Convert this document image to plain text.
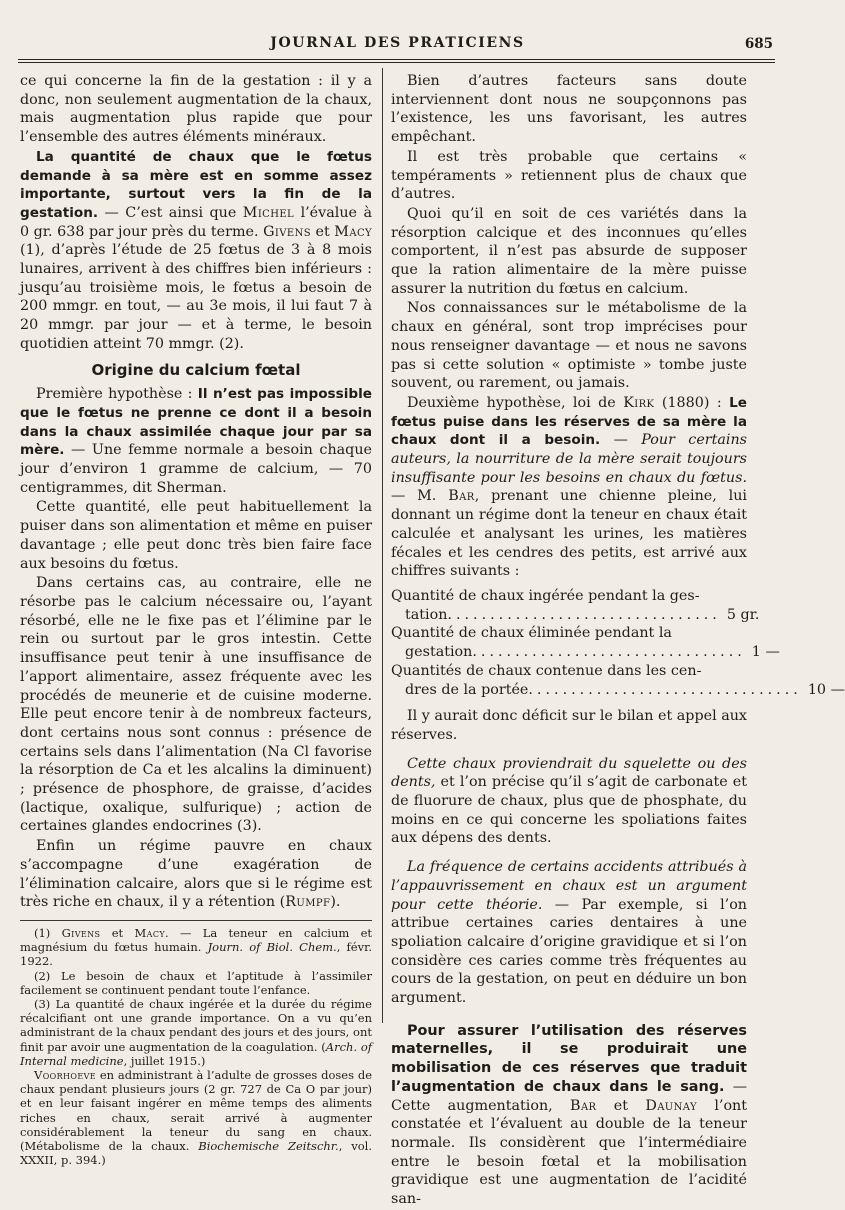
JOURNAL DES PRATICIENS	685

ce qui concerne la fin de la gestation : il y a donc, non seulement augmentation de la chaux, mais augmentation plus rapide que pour l’ensemble des autres éléments minéraux.

La quantité de chaux que le fœtus demande à sa mère est en somme assez importante, surtout vers la fin de la gestation. — C’est ainsi que Michel l’évalue à 0 gr. 638 par jour près du terme. Givens et Macy (1), d’après l’étude de 25 fœtus de 3 à 8 mois lunaires, arrivent à des chiffres bien inférieurs : jusqu’au troisième mois, le fœtus a besoin de 200 mmgr. en tout, — au 3e mois, il lui faut 7 à 20 mmgr. par jour — et à terme, le besoin quotidien atteint 70 mmgr. (2).

Origine du calcium fœtal

Première hypothèse : Il n’est pas impossible que le fœtus ne prenne ce dont il a besoin dans la chaux assimilée chaque jour par sa mère. — Une femme normale a besoin chaque jour d’environ 1 gramme de calcium, — 70 centigrammes, dit Sherman.

Cette quantité, elle peut habituellement la puiser dans son alimentation et même en puiser davantage ; elle peut donc très bien faire face aux besoins du fœtus.

Dans certains cas, au contraire, elle ne résorbe pas le calcium nécessaire ou, l’ayant résorbé, elle ne le fixe pas et l’élimine par le rein ou surtout par le gros intestin. Cette insuffisance peut tenir à une insuffisance de l’apport alimentaire, assez fréquente avec les procédés de meunerie et de cuisine moderne. Elle peut encore tenir à de nombreux facteurs, dont certains nous sont connus : présence de certains sels dans l’alimentation (Na Cl favorise la résorption de Ca et les alcalins la diminuent) ; présence de phosphore, de graisse, d’acides (lactique, oxalique, sulfurique) ; action de certaines glandes endocrines (3).

Enfin un régime pauvre en chaux s’accompagne d’une exagération de l’élimination calcaire, alors que si le régime est très riche en chaux, il y a rétention (Rumpf).

(1) Givens et Macy. — La teneur en calcium et magnésium du fœtus humain. Journ. of Biol. Chem., févr. 1922.

(2) Le besoin de chaux et l’aptitude à l’assimiler facilement se continuent pendant toute l’enfance.

(3) La quantité de chaux ingérée et la durée du régime récalcifiant ont une grande importance. On a vu qu’en administrant de la chaux pendant des jours et des jours, ont finit par avoir une augmentation de la coagulation. (Arch. of Internal medicine, juillet 1915.)

Voorhoeve en administrant à l’adulte de grosses doses de chaux pendant plusieurs jours (2 gr. 727 de Ca O par jour) et en leur faisant ingérer en même temps des aliments riches en chaux, serait arrivé à augmenter considérablement la teneur du sang en chaux. (Métabolisme de la chaux. Biochemische Zeitschr., vol. XXXII, p. 394.)

Bien d’autres facteurs sans doute interviennent dont nous ne soupçonnons pas l’existence, les uns favorisant, les autres empêchant.

Il est très probable que certains « tempéraments » retiennent plus de chaux que d’autres.

Quoi qu’il en soit de ces variétés dans la résorption calcique et des inconnues qu’elles comportent, il n’est pas absurde de supposer que la ration alimentaire de la mère puisse assurer la nutrition du fœtus en calcium.

Nos connaissances sur le métabolisme de la chaux en général, sont trop imprécises pour nous renseigner davantage — et nous ne savons pas si cette solution « optimiste » tombe juste souvent, ou rarement, ou jamais.

Deuxième hypothèse, loi de Kirk (1880) : Le fœtus puise dans les réserves de sa mère la chaux dont il a besoin. — Pour certains auteurs, la nourriture de la mère serait toujours insuffisante pour les besoins en chaux du fœtus. — M. Bar, prenant une chienne pleine, lui donnant un régime dont la teneur en chaux était calculée et analysant les urines, les matières fécales et les cendres des petits, est arrivé aux chiffres suivants :

Quantité de chaux ingérée pendant la ges-
tation ................................ 5 gr.
Quantité de chaux éliminée pendant la
gestation ................................ 1 —
Quantités de chaux contenue dans les cen-
dres de la portée ................................ 10 —

Il y aurait donc déficit sur le bilan et appel aux réserves.

Cette chaux proviendrait du squelette ou des dents, et l’on précise qu’il s’agit de carbonate et de fluorure de chaux, plus que de phosphate, du moins en ce qui concerne les spoliations faites aux dépens des dents.

La fréquence de certains accidents attribués à l’appauvrissement en chaux est un argument pour cette théorie. — Par exemple, si l’on attribue certaines caries dentaires à une spoliation calcaire d’origine gravidique et si l’on considère ces caries comme très fréquentes au cours de la gestation, on peut en déduire un bon argument.

Pour assurer l’utilisation des réserves maternelles, il se produirait une mobilisation de ces réserves que traduit l’augmentation de chaux dans le sang. — Cette augmentation, Bar et Daunay l’ont constatée et l’évaluent au double de la teneur normale. Ils considèrent que l’intermédiaire entre le besoin fœtal et la mobilisation gravidique est une augmentation de l’acidité san-
